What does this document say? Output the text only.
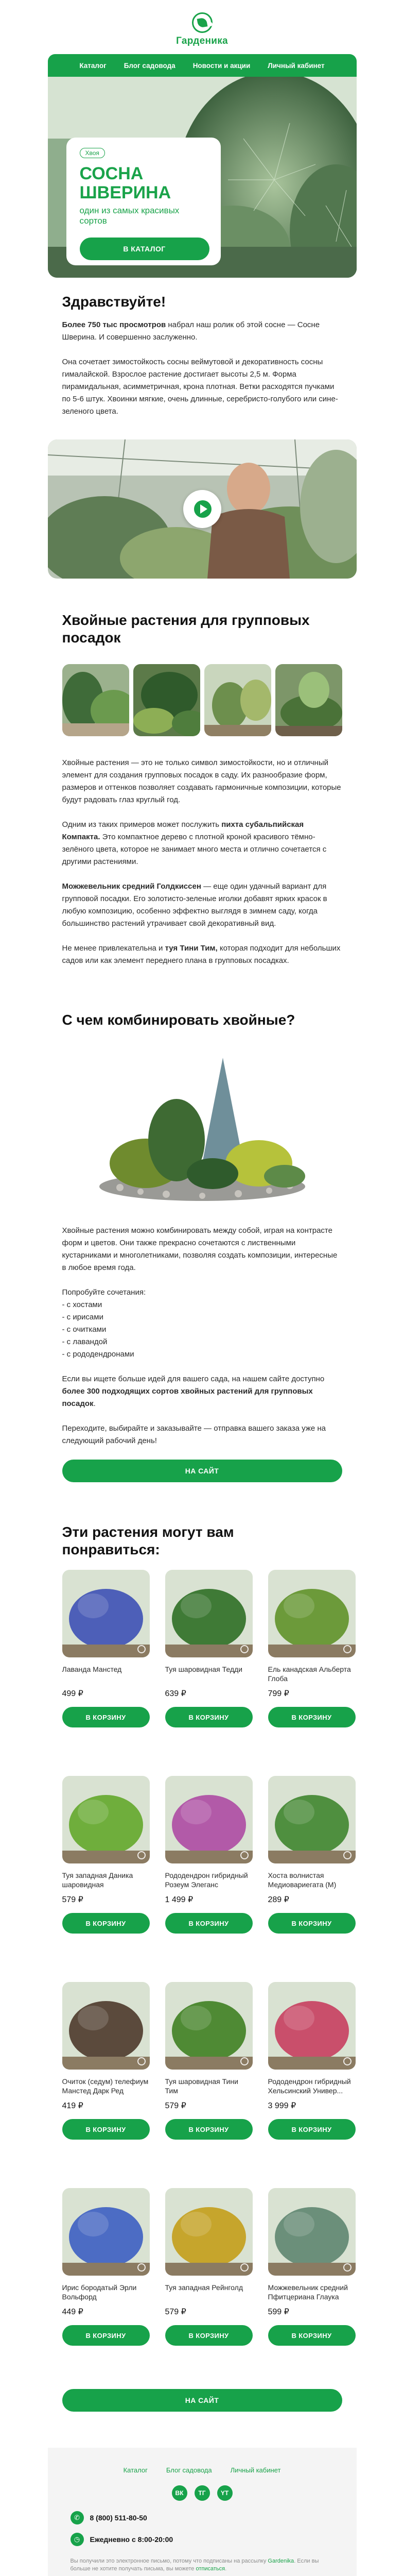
Гарденика
Каталог	Блог садовода	Новости и акции	Личный кабинет
Хвоя
СОСНА
ШВЕРИНА
один из самых красивых сортов
В КАТАЛОГ
Здравствуйте!

Более 750 тыс просмотров набрал наш ролик об этой сосне — Сосне Шверина. И совершенно заслуженно.

Она сочетает зимостойкость сосны веймутовой и декоративность сосны гималайской. Взрослое растение достигает высоты 2,5 м. Форма пирамидальная, асимметричная, крона плотная. Ветки расходятся пучками по 5-6 штук. Хвоинки мягкие, очень длинные, серебристо-голубого или сине-зеленого цвета.

Хвойные растения для групповых посадок

Хвойные растения — это не только символ зимостойкости, но и отличный элемент для создания групповых посадок в саду. Их разнообразие форм, размеров и оттенков позволяет создавать гармоничные композиции, которые будут радовать глаз круглый год.

Одним из таких примеров может послужить пихта субальпийская Компакта. Это компактное дерево с плотной кроной красивого тёмно-зелёного цвета, которое не занимает много места и отлично сочетается с другими растениями.

Можжевельник средний Голдкиссен — еще один удачный вариант для групповой посадки. Его золотисто-зеленые иголки добавят ярких красок в любую композицию, особенно эффектно выглядя в зимнем саду, когда большинство растений утрачивает свой декоративный вид.

Не менее привлекательна и туя Тини Тим, которая подходит для небольших садов или как элемент переднего плана в групповых посадках.

С чем комбинировать хвойные?

Хвойные растения можно комбинировать между собой, играя на контрасте форм и цветов. Они также прекрасно сочетаются с лиственными кустарниками и многолетниками, позволяя создать композиции, интересные в любое время года.

Попробуйте сочетания:

- с хостами

- с ирисами

- с очитками

- с лавандой

- с рододендронами

Если вы ищете больше идей для вашего сада, на нашем сайте доступно более 300 подходящих сортов хвойных растений для групповых посадок.

Переходите, выбирайте и заказывайте — отправка вашего заказа уже на следующий рабочий день!

НА САЙТ
Эти растения могут вам
понравиться:
Лаванда Манстед
499 ₽
В КОРЗИНУ
Туя шаровидная Тедди
639 ₽
В КОРЗИНУ
Ель канадская Альберта Глоба
799 ₽
В КОРЗИНУ
Туя западная Даника шаровидная
579 ₽
В КОРЗИНУ
Рододендрон гибридный Розеум Элеганс
1 499 ₽
В КОРЗИНУ
Хоста волнистая Медиовариегата (М)
289 ₽
В КОРЗИНУ
Очиток (седум) телефиум Манстед Дарк Ред
419 ₽
В КОРЗИНУ
Туя шаровидная Тини Тим
579 ₽
В КОРЗИНУ
Рододендрон гибридный Хельсинский Универ...
3 999 ₽
В КОРЗИНУ
Ирис бородатый Эрли Вольфорд
449 ₽
В КОРЗИНУ
Туя западная Рейнголд
579 ₽
В КОРЗИНУ
Можжевельник средний Пфитцериана Глаука
599 ₽
В КОРЗИНУ
НА САЙТ
Каталог	Блог садовода	Личный кабинет
ВК	ТГ	YT
✆	8 (800) 511-80-50
◷	Ежедневно с 8:00-20:00

Вы получили это электронное письмо, потому что подписаны на рассылку Gardenika. Если вы больше не хотите получать письма, вы можете отписаться.
